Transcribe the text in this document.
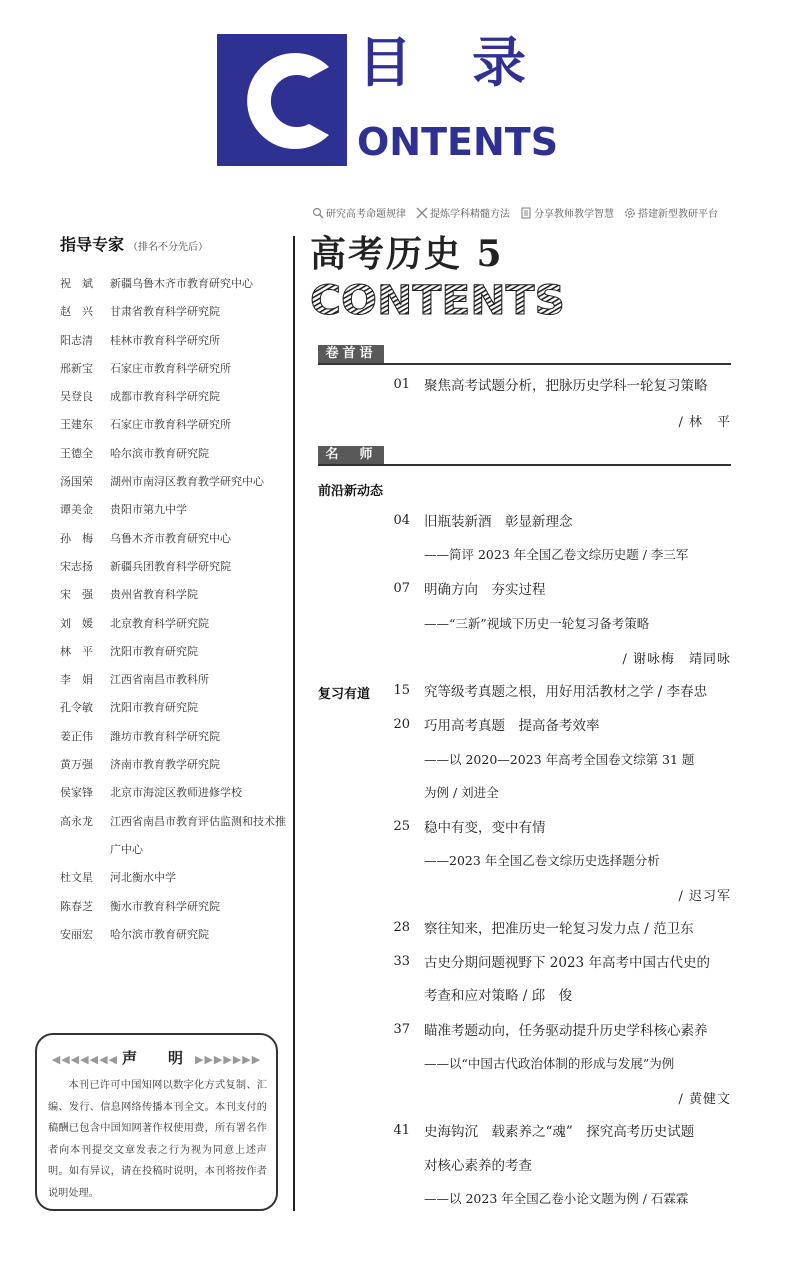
目录
ONTENTS
研究高考命题规律 提炼学科精髓方法 分享教师教学智慧 搭建新型教研平台
指导专家 （排名不分先后）
祝　斌	新疆乌鲁木齐市教育研究中心
赵　兴	甘肃省教育科学研究院
阳志清	桂林市教育科学研究所
邢新宝	石家庄市教育科学研究所
吴登良	成都市教育科学研究院
王建东	石家庄市教育科学研究所
王德全	哈尔滨市教育研究院
汤国荣	湖州市南浔区教育教学研究中心
谭美金	贵阳市第九中学
孙　梅	乌鲁木齐市教育研究中心
宋志扬	新疆兵团教育科学研究院
宋　强	贵州省教育科学院
刘　媛	北京教育科学研究院
林　平	沈阳市教育研究院
李　娟	江西省南昌市教科所
孔令敏	沈阳市教育研究院
姜正伟	潍坊市教育科学研究院
黄万强	济南市教育教学研究院
侯家锋	北京市海淀区教师进修学校
高永龙	江西省南昌市教育评估监测和技术推广中心
杜文星	河北衡水中学
陈春芝	衡水市教育科学研究院
安丽宏	哈尔滨市教育研究院
◀◀◀◀◀◀◀ 声　明 ▶▶▶▶▶▶▶
本刊已许可中国知网以数字化方式复制、汇编、发行、信息网络传播本刊全文。本刊支付的稿酬已包含中国知网著作权使用费，所有署名作者向本刊提交文章发表之行为视为同意上述声明。如有异议，请在投稿时说明，本刊将按作者说明处理。
高考历史 5
CONTENTS
卷首语
01 聚焦高考试题分析，把脉历史学科一轮复习策略
/ 林　平
名　师
前沿新动态
04 旧瓶装新酒　彰显新理念
——简评 2023 年全国乙卷文综历史题 / 李三军
07 明确方向　夯实过程
——“三新”视域下历史一轮复习备考策略
/ 谢咏梅　靖同咏
复习有道	15 究等级考真题之根，用好用活教材之学 / 李春忠
20 巧用高考真题　提高备考效率
——以 2020—2023 年高考全国卷文综第 31 题
为例 / 刘进全
25 稳中有变，变中有情
——2023 年全国乙卷文综历史选择题分析
/ 迟习军
28 察往知来，把准历史一轮复习发力点 / 范卫东
33 古史分期问题视野下 2023 年高考中国古代史的
考查和应对策略 / 邱　俊
37 瞄准考题动向，任务驱动提升历史学科核心素养
——以“中国古代政治体制的形成与发展”为例
/ 黄健文
41 史海钩沉　载素养之“魂”　探究高考历史试题
对核心素养的考查
——以 2023 年全国乙卷小论文题为例 / 石霖霖
